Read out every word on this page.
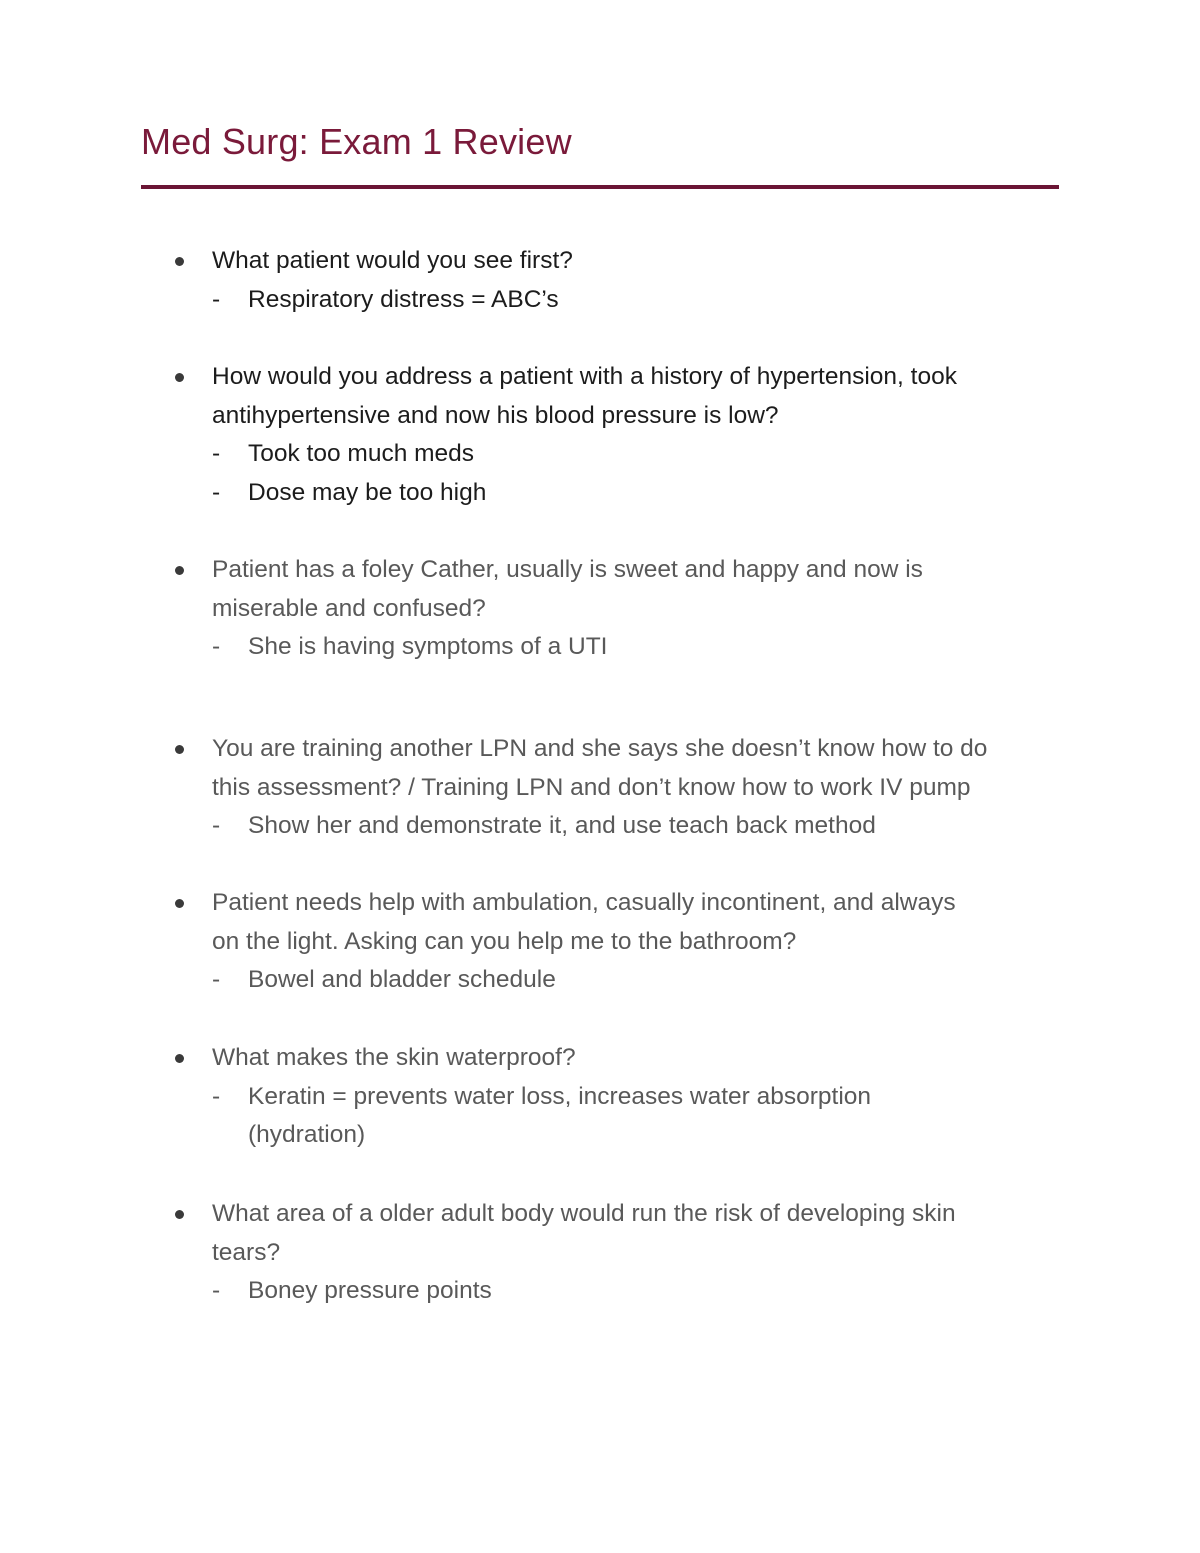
Med Surg: Exam 1 Review
What patient would you see first?
- Respiratory distress = ABC’s
How would you address a patient with a history of hypertension, took
antihypertensive and now his blood pressure is low?
- Took too much meds
- Dose may be too high
Patient has a foley Cather, usually is sweet and happy and now is
miserable and confused?
- She is having symptoms of a UTI
You are training another LPN and she says she doesn’t know how to do
this assessment? / Training LPN and don’t know how to work IV pump
- Show her and demonstrate it, and use teach back method
Patient needs help with ambulation, casually incontinent, and always
on the light. Asking can you help me to the bathroom?
- Bowel and bladder schedule
What makes the skin waterproof?
- Keratin = prevents water loss, increases water absorption
(hydration)
What area of a older adult body would run the risk of developing skin
tears?
- Boney pressure points
